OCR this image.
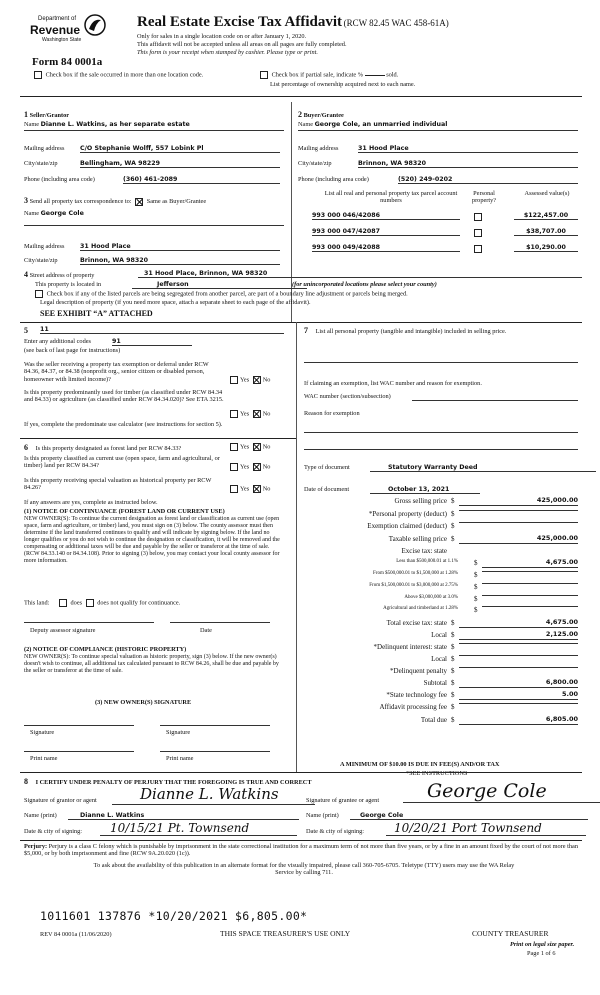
Department of
Revenue
Washington State
Form 84 0001a
Real Estate Excise Tax Affidavit (RCW 82.45 WAC 458-61A)
Only for sales in a single location code on or after January 1, 2020.
This affidavit will not be accepted unless all areas on all pages are fully completed.
This form is your receipt when stamped by cashier. Please type or print.
Check box if the sale occurred in more than one location code.	Check box if partial sale, indicate %	sold.
List percentage of ownership acquired next to each name.
1 Seller/Grantor
Name Dianne L. Watkins, as her separate estate
Mailing address C/O Stephanie Wolff, 557 Lobink Pl
City/state/zip	Bellingham, WA 98229
Phone (including area code)	(360) 461-2089
2 Buyer/Grantee
Name George Cole, an unmarried individual
Mailing address	31 Hood Place
City/state/zip	Brinnon, WA 98320
Phone (including area code)	(520) 249-0202
3 Send all property tax correspondence to: Same as Buyer/Grantee
Name George Cole
Mailing address 31 Hood Place
City/state/zip	Brinnon, WA 98320
List all real and personal property tax parcel account numbers
Personal property?
Assessed value(s)
993 000 046/42086	$122,457.00
993 000 047/42087	$38,707.00
993 000 049/42088	$10,290.00
4 Street address of property	31 Hood Place, Brinnon, WA 98320
This property is located in	Jefferson	(for unincorporated locations please select your county)
Check box if any of the listed parcels are being segregated from another parcel, are part of a boundary line adjustment or parcels being merged.
Legal description of property (if you need more space, attach a separate sheet to each page of the affidavit).
SEE EXHIBIT “A” ATTACHED
5 11
Enter any additional codes	91
(see back of last page for instructions)
Was the seller receiving a property tax exemption or deferral under RCW 84.36, 84.37, or 84.38 (nonprofit org., senior citizen or disabled person, homeowner with limited income)?	Yes No
Is this property predominantly used for timber (as classified under RCW 84.34 and 84.33) or agriculture (as classified under RCW 84.34.020)? See ETA 3215.
Yes No
If yes, complete the predominate use calculator (see instructions for section 5).
6 Is this property designated as forest land per RCW 84.33?	Yes No
Is this property classified as current use (open space, farm and agricultural, or timber) land per RCW 84.34?	Yes No
Is this property receiving special valuation as historical property per RCW 84.26?	Yes No
If any answers are yes, complete as instructed below.
(1) NOTICE OF CONTINUANCE (FOREST LAND OR CURRENT USE)
NEW OWNER(S): To continue the current designation as forest land or classification as current use (open space, farm and agriculture, or timber) land, you must sign on (3) below. The county assessor must then determine if the land transferred continues to qualify and will indicate by signing below. If the land no longer qualifies or you do not wish to continue the designation or classification, it will be removed and the compensating or additional taxes will be due and payable by the seller or transferor at the time of sale. (RCW 84.33.140 or 84.34.108). Prior to signing (3) below, you may contact your local county assessor for more information.
This land:	does does not qualify for continuance.
Deputy assessor signature	Date
(2) NOTICE OF COMPLIANCE (HISTORIC PROPERTY)
NEW OWNER(S): To continue special valuation as historic property, sign (3) below. If the new owner(s) doesn't wish to continue, all additional tax calculated pursuant to RCW 84.26, shall be due and payable by the seller or transferor at the time of sale.
(3) NEW OWNER(S) SIGNATURE
Signature	Signature
Print name	Print name
7 List all personal property (tangible and intangible) included in selling price.
If claiming an exemption, list WAC number and reason for exemption.
WAC number (section/subsection)
Reason for exemption
Type of document	Statutory Warranty Deed
Date of document	October 13, 2021
Gross selling price $	425,000.00
*Personal property (deduct) $
Exemption claimed (deduct) $
Taxable selling price $	425,000.00
Excise tax: state
Less than $500,000.01 at 1.1% $	4,675.00
From $500,000.01 to $1,500,000 at 1.28% $
From $1,500,000.01 to $3,000,000 at 2.75% $
Above $3,000,000 at 3.0% $
Agricultural and timberland at 1.28% $
Total excise tax: state $	4,675.00
Local $	2,125.00
*Delinquent interest: state $
Local $
*Delinquent penalty $
Subtotal $	6,800.00
*State technology fee $	5.00
Affidavit processing fee $
Total due $	6,805.00
A MINIMUM OF $10.00 IS DUE IN FEE(S) AND/OR TAX
*SEE INSTRUCTIONS
8 I CERTIFY UNDER PENALTY OF PERJURY THAT THE FOREGOING IS TRUE AND CORRECT
Signature of grantor or agent	Dianne L. Watkins	Signature of grantee or agent	George Cole
Name (print)	Dianne L. Watkins	Name (print)	George Cole
Date & city of signing:	10/15/21 Pt. Townsend	Date & city of signing:	10/20/21 Port Townsend
Perjury: Perjury is a class C felony which is punishable by imprisonment in the state correctional institution for a maximum term of not more than five years, or by a fine in an amount fixed by the court of not more than $5,000, or by both imprisonment and fine (RCW 9A.20.020 (1c)).
To ask about the availability of this publication in an alternate format for the visually impaired, please call 360-705-6705. Teletype (TTY) users may use the WA Relay Service by calling 711.
1011601 137876 *10/20/2021 $6,805.00*
REV 84 0001a (11/06/2020)	THIS SPACE TREASURER'S USE ONLY	COUNTY TREASURER
Print on legal size paper.
Page 1 of 6
